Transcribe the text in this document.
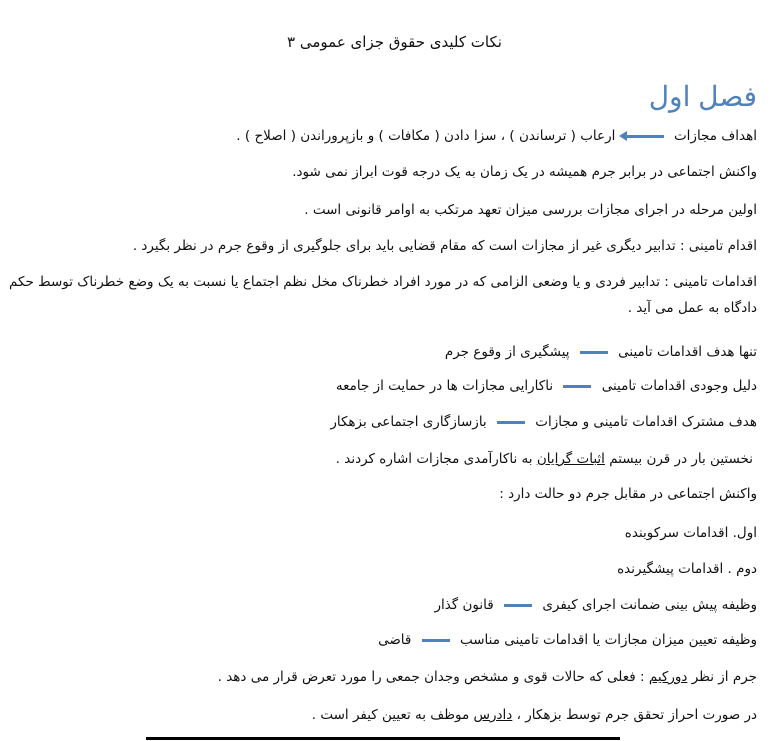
نکات کلیدی حقوق جزای عمومی ۳
فصل اول
اهداف مجازات  ارعاب ( ترساندن ) ، سزا دادن ( مکافات ) و بازپروراندن ( اصلاح ) .
واکنش اجتماعی در برابر جرم همیشه در یک زمان به یک درجه قوت ابراز نمی شود.
اولین مرحله در اجرای مجازات بررسی میزان تعهد مرتکب به اوامر قانونی است .
اقدام تامینی : تدابیر دیگری غیر از مجازات است که مقام قضایی باید برای جلوگیری از وقوع جرم در نظر بگیرد .
اقدامات تامینی : تدابیر فردی و یا وضعی الزامی که در مورد افراد خطرناک مخل نظم اجتماع یا نسبت به یک وضع خطرناک توسط حکم دادگاه به عمل می آید .
تنها هدف اقدامات تامینی  پیشگیری از وقوع جرم
دلیل وجودی اقدامات تامینی  ناکارایی مجازات ها در حمایت از جامعه
هدف مشترک اقدامات تامینی و مجازات  بازسازگاری اجتماعی بزهکار
نخستین بار در قرن بیستم اثبات گرایان به ناکارآمدی مجازات اشاره کردند .
واکنش اجتماعی در مقابل جرم دو حالت دارد :
اول. اقدامات سرکوبنده
دوم . اقدامات پیشگیرنده
وظیفه پیش بینی ضمانت اجرای کیفری  قانون گذار
وظیفه تعیین میزان مجازات یا اقدامات تامینی مناسب  قاضی
جرم از نظر دورکیم : فعلی که حالات قوی و مشخص وجدان جمعی را مورد تعرض قرار می دهد .
در صورت احراز تحقق جرم توسط بزهکار ، دادرس موظف به تعیین کیفر است .
